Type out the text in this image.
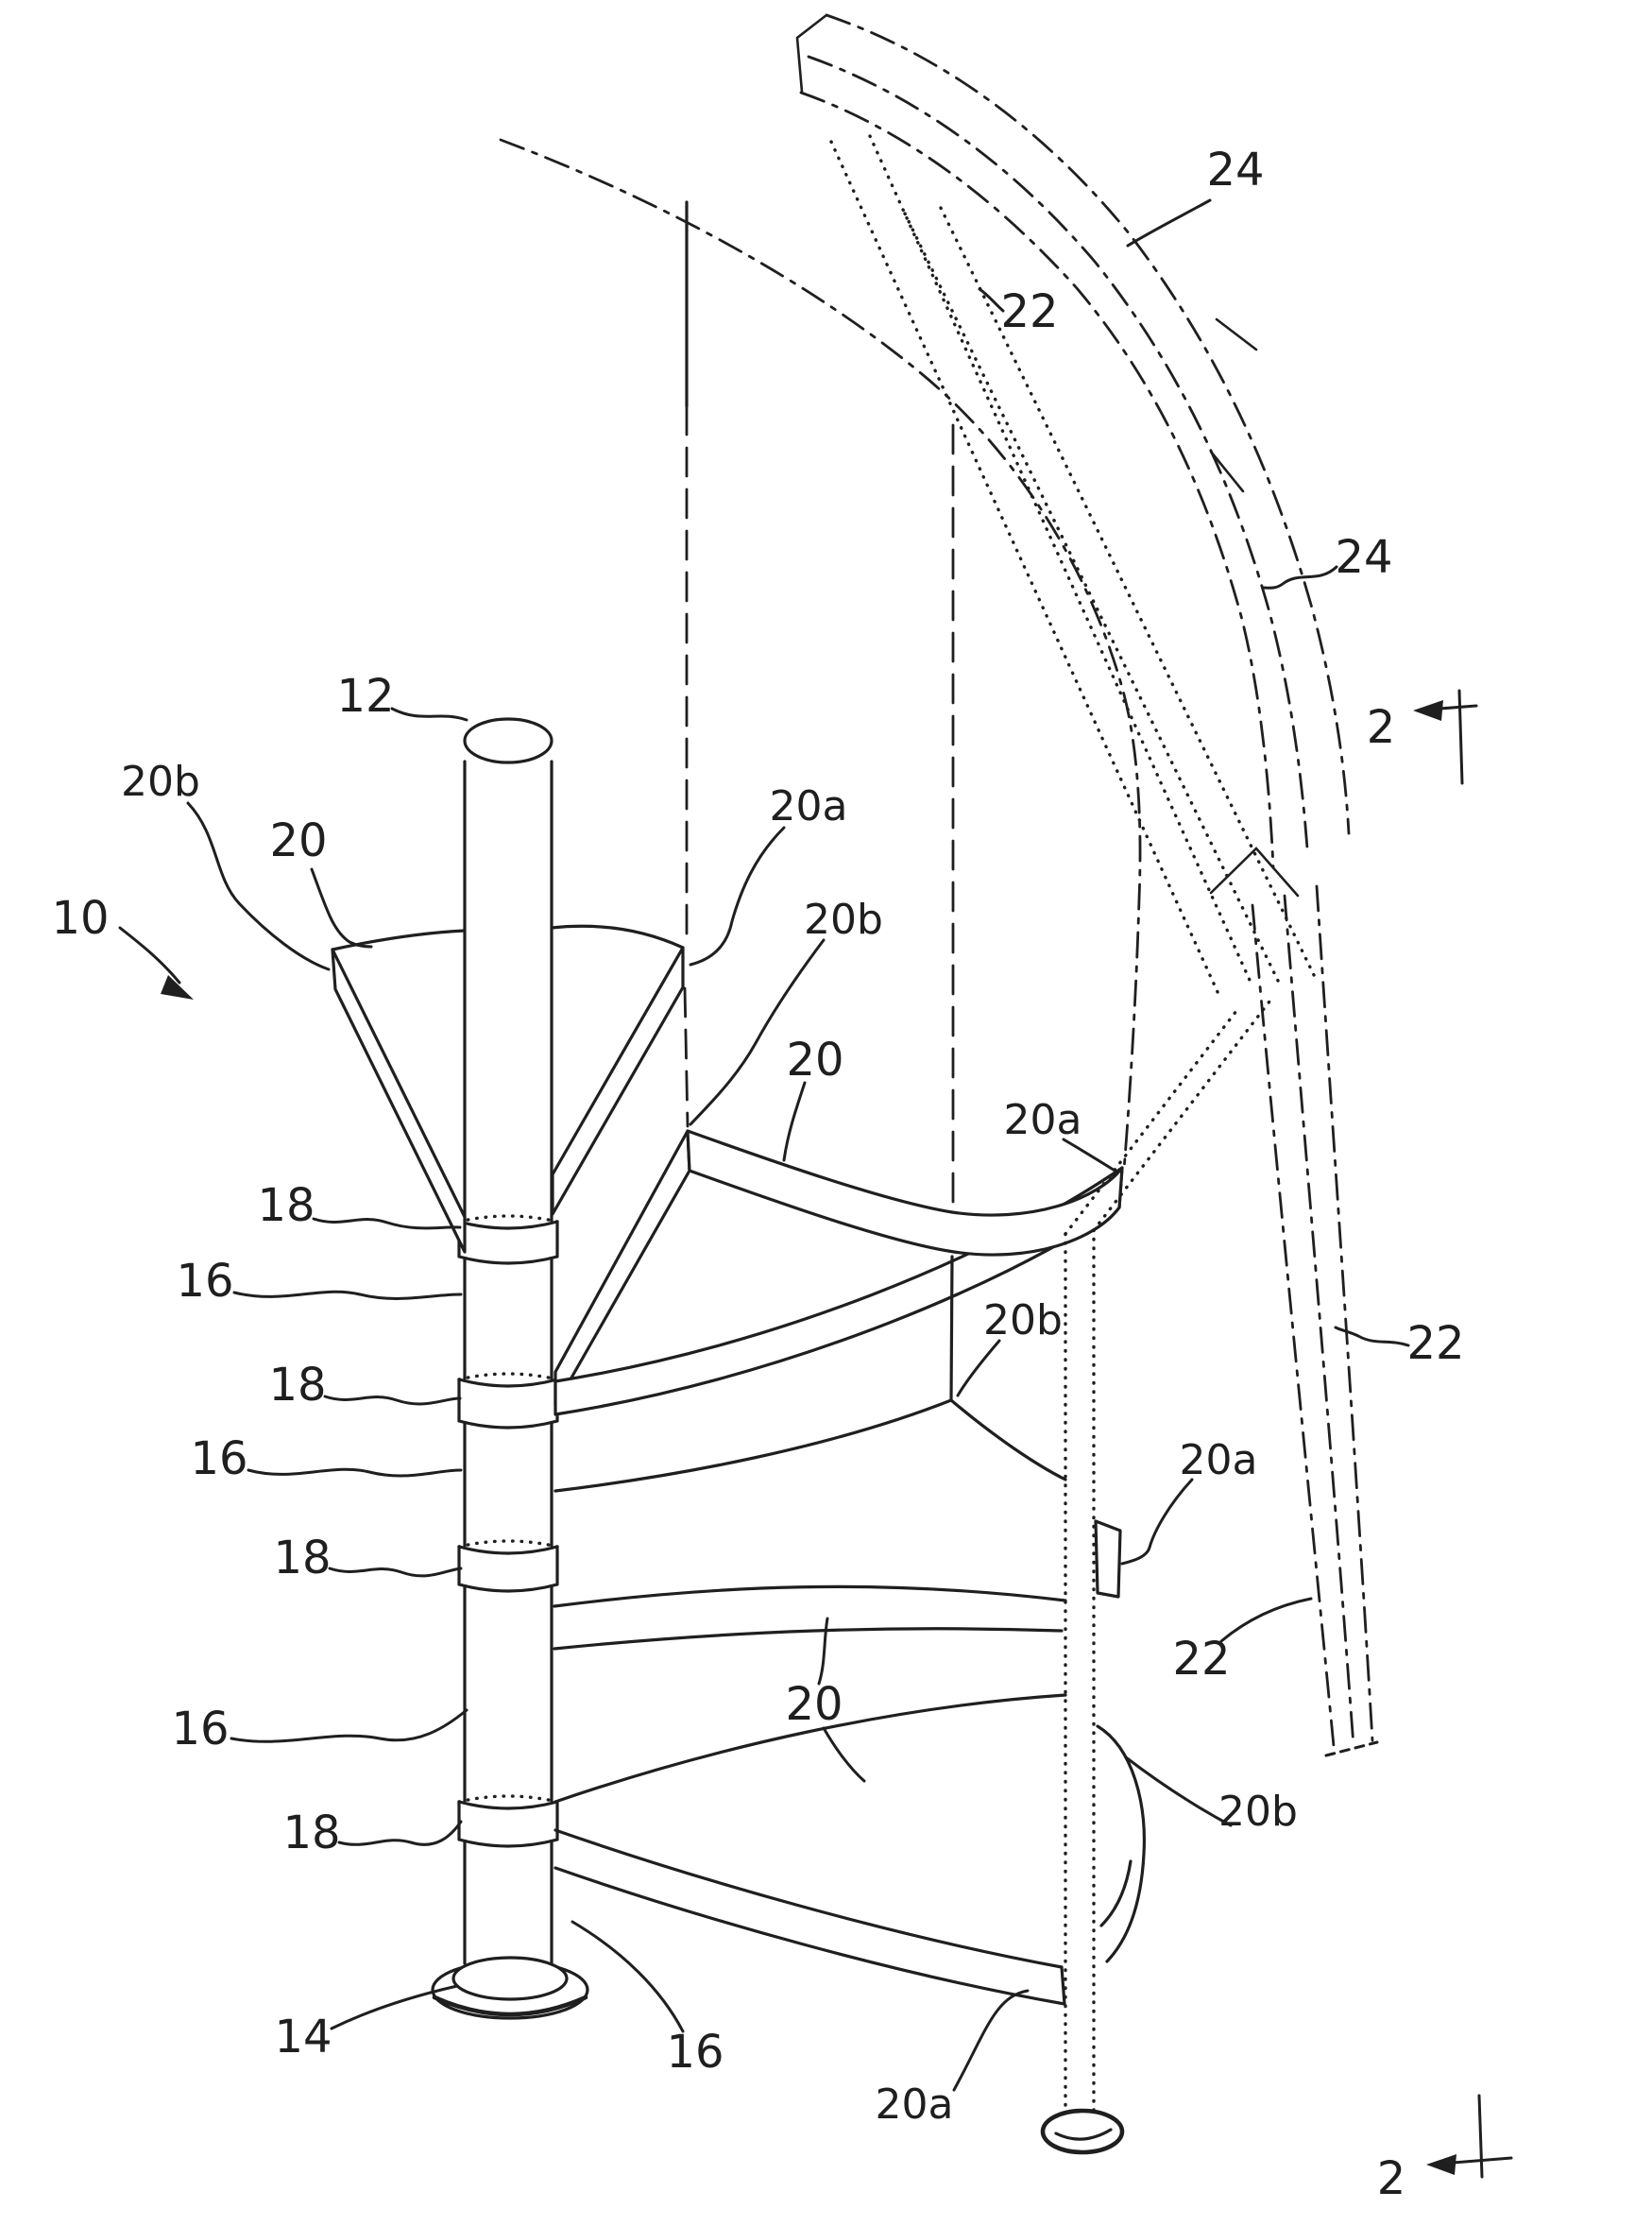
2
2
24
22
24
12
20b
20
20a
10	20b
20
20a
18
16
20b	22
18
16	20a
18
22
20
16
20b
18
14	16
20a
